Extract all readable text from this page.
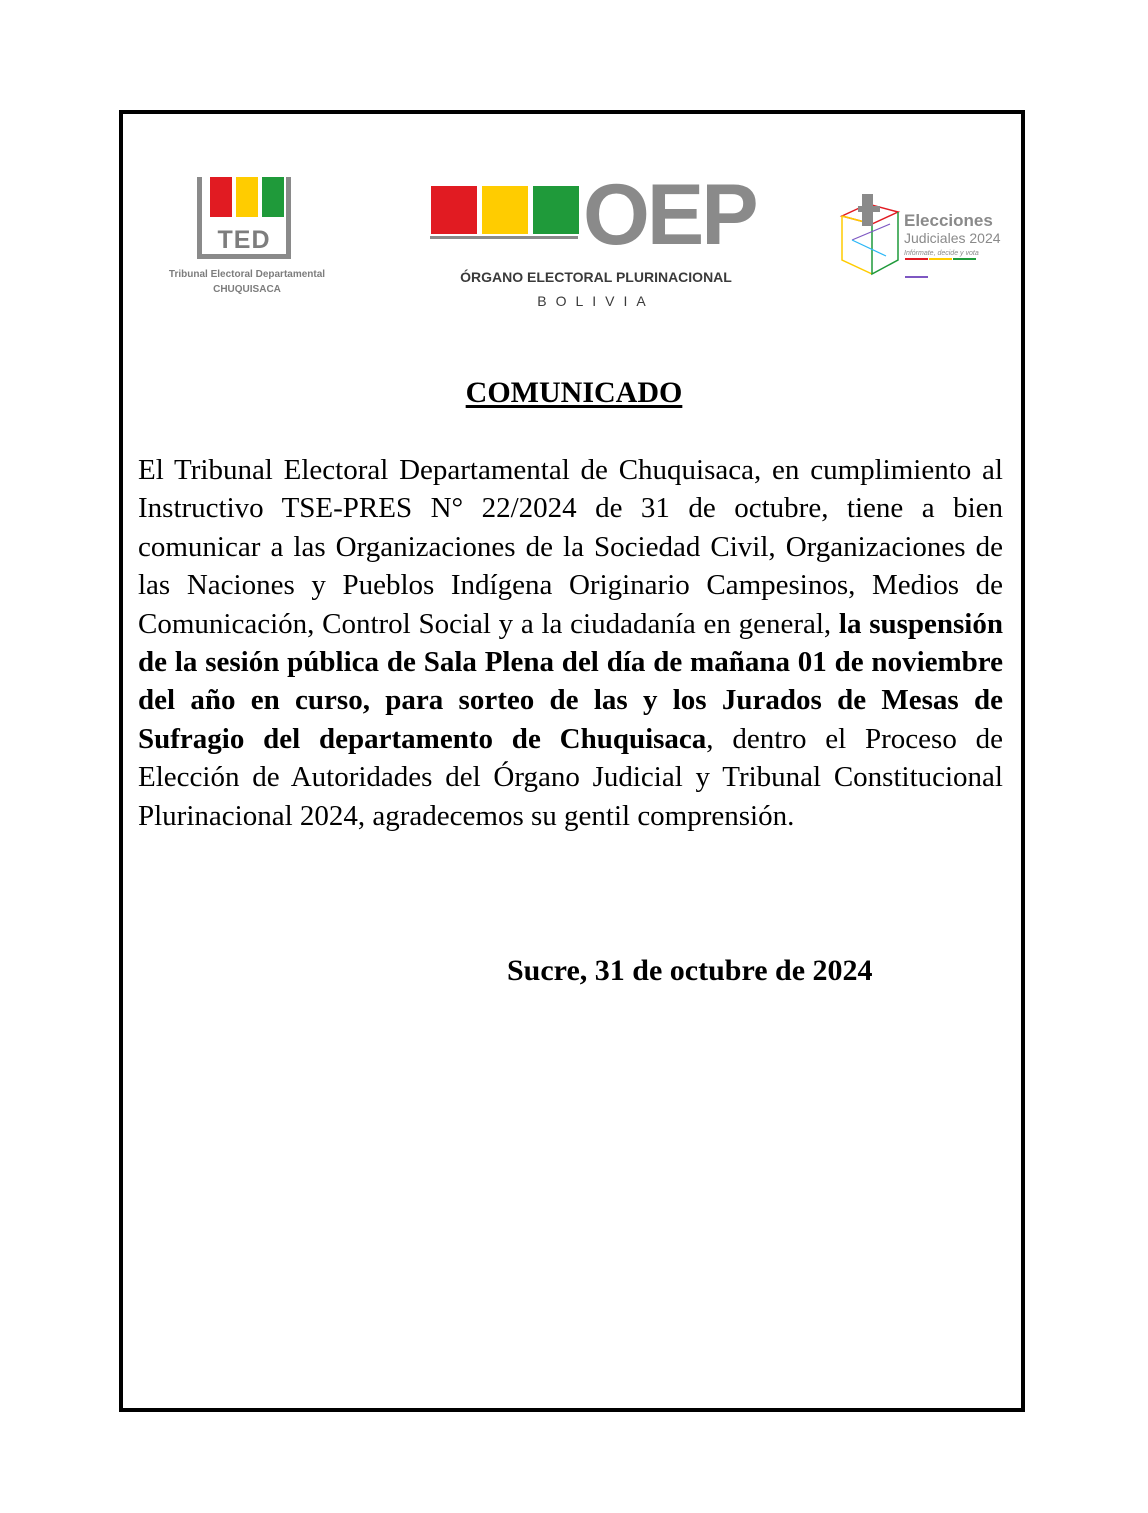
TED
Tribunal Electoral Departamental
CHUQUISACA
OEP
ÓRGANO ELECTORAL PLURINACIONAL
BOLIVIA
Elecciones
Judiciales 2024
Infórmate, decide y vota
COMUNICADO

El Tribunal Electoral Departamental de Chuquisaca, en cumplimiento al Instructivo TSE-PRES N° 22/2024 de 31 de octubre, tiene a bien comunicar a las Organizaciones de la Sociedad Civil, Organizaciones de las Naciones y Pueblos Indígena Originario Campesinos, Medios de Comunicación, Control Social y a la ciudadanía en general, la suspensión de la sesión pública de Sala Plena del día de mañana 01 de noviembre del año en curso, para sorteo de las y los Jurados de Mesas de Sufragio del departamento de Chuquisaca, dentro el Proceso de Elección de Autoridades del Órgano Judicial y Tribunal Constitucional Plurinacional 2024, agradecemos su gentil comprensión.

Sucre, 31 de octubre de 2024
